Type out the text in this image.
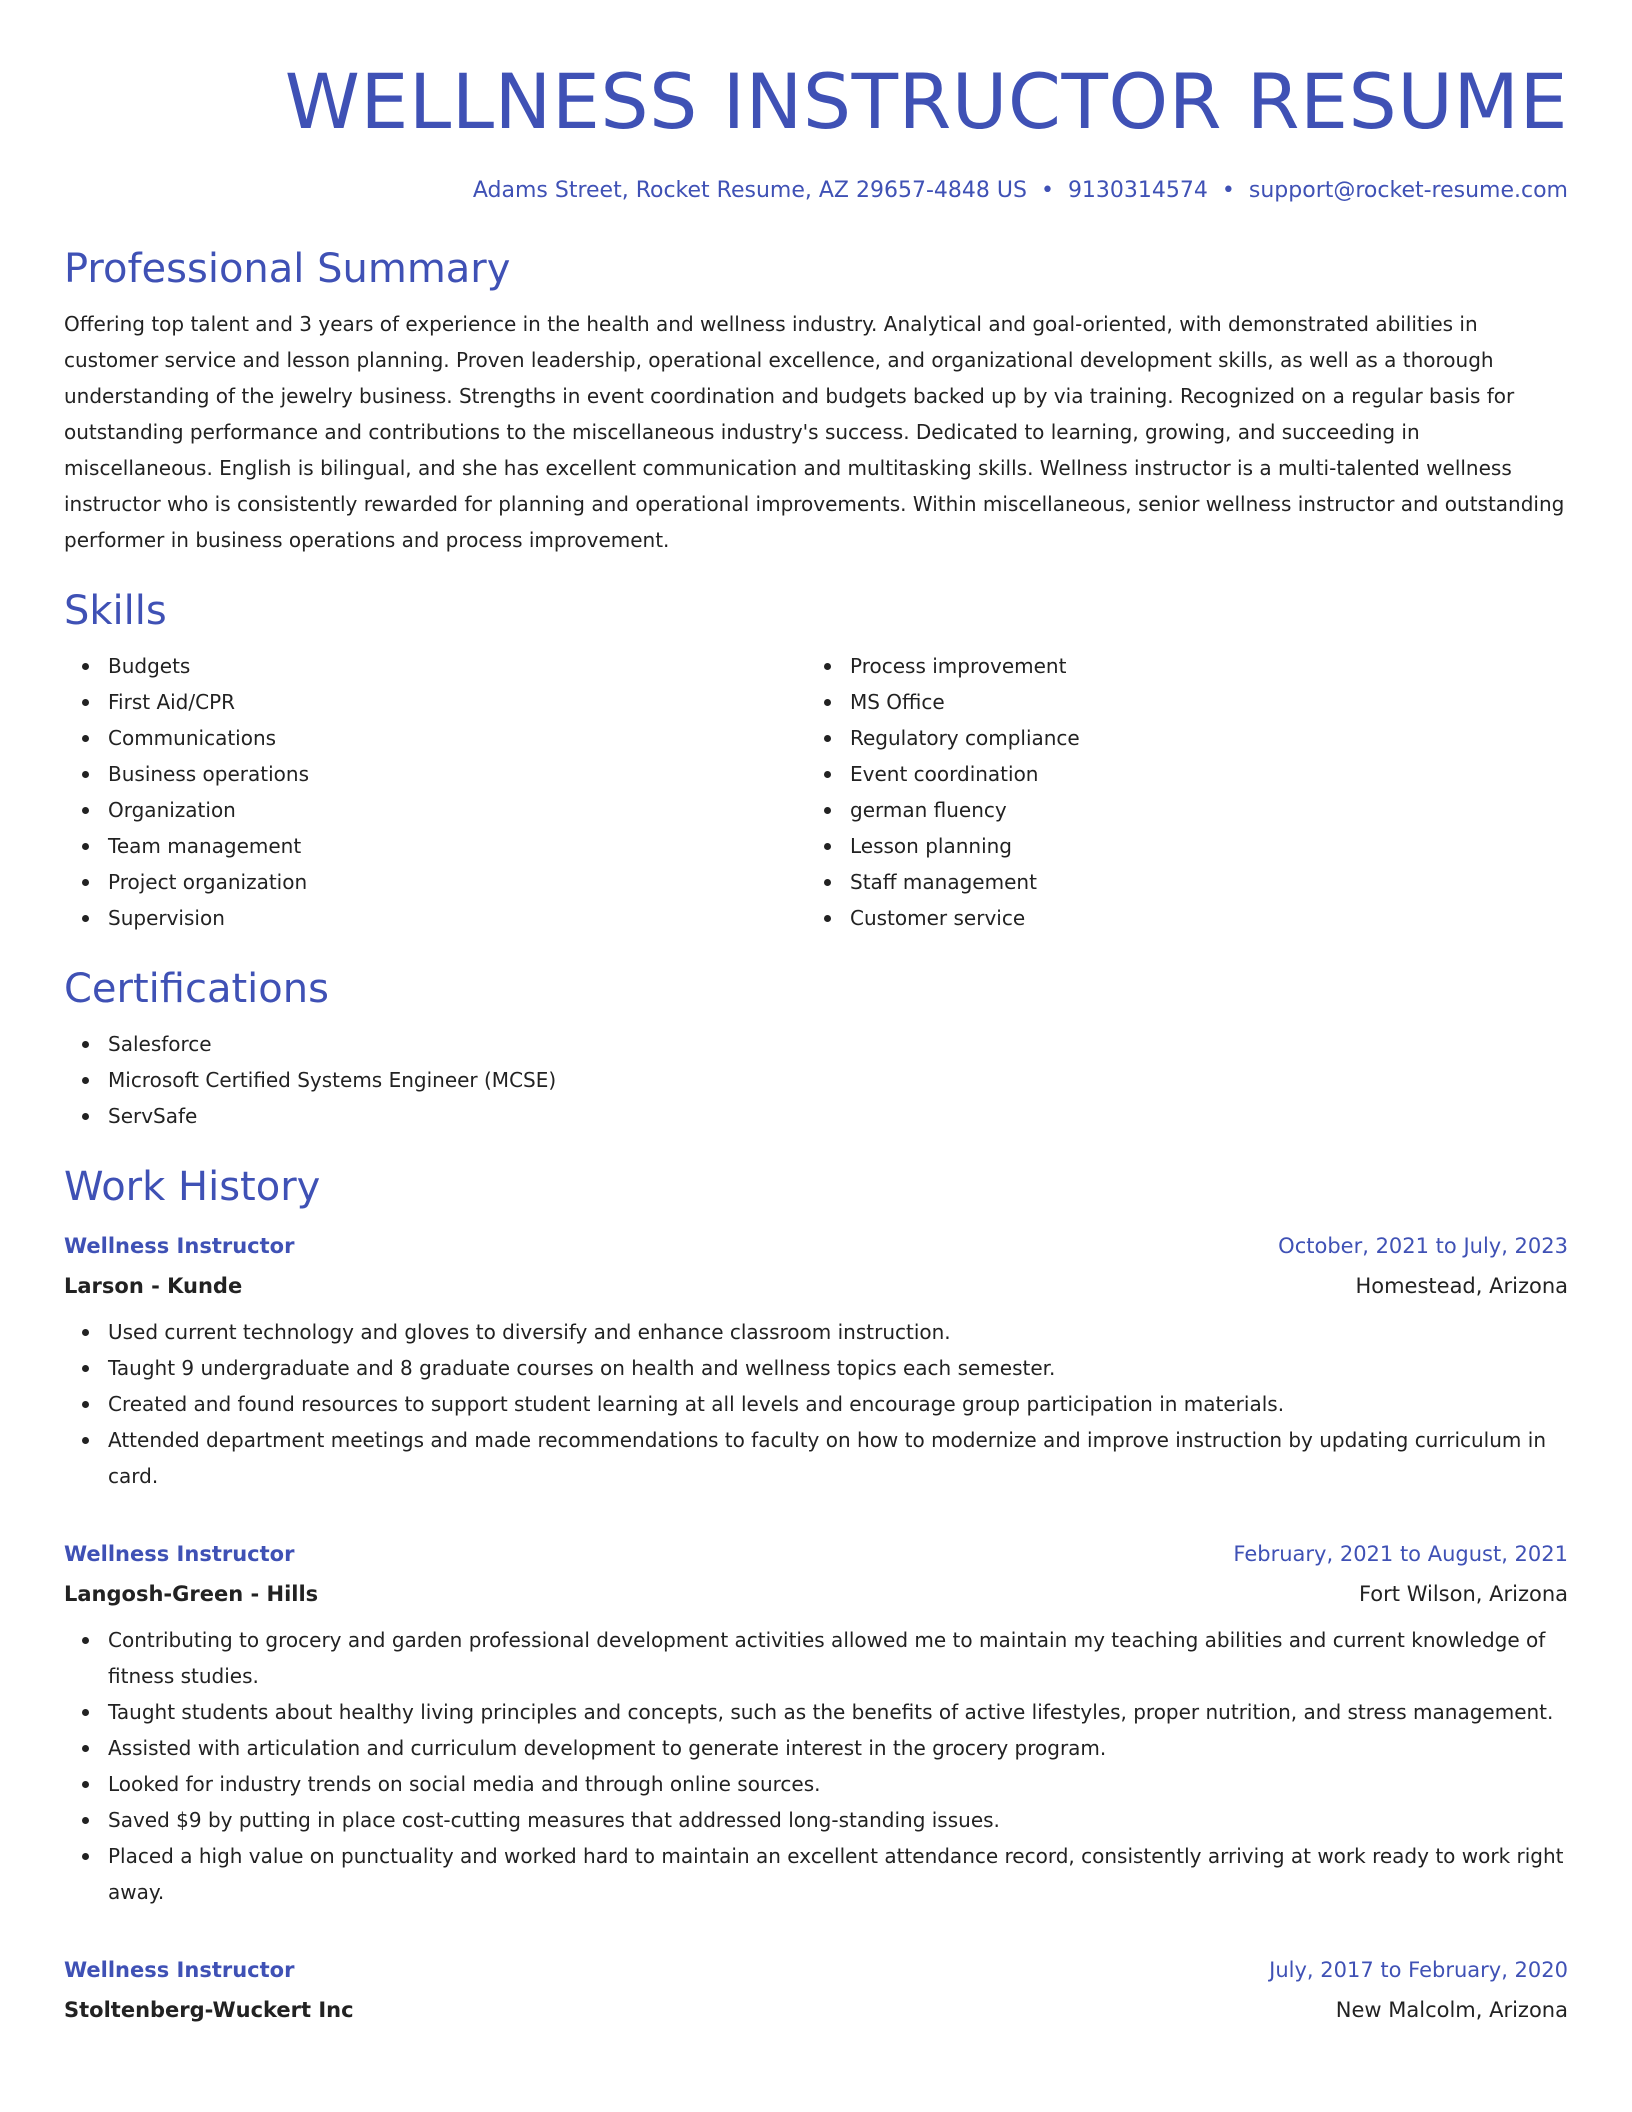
WELLNESS INSTRUCTOR RESUME
Adams Street, Rocket Resume, AZ 29657-4848 US • 9130314574 • support@rocket-resume.com
Professional Summary
Offering top talent and 3 years of experience in the health and wellness industry. Analytical and goal-oriented, with demonstrated abilities in customer service and lesson planning. Proven leadership, operational excellence, and organizational development skills, as well as a thorough understanding of the jewelry business. Strengths in event coordination and budgets backed up by via training. Recognized on a regular basis for outstanding performance and contributions to the miscellaneous industry's success. Dedicated to learning, growing, and succeeding in miscellaneous. English is bilingual, and she has excellent communication and multitasking skills. Wellness instructor is a multi-talented wellness instructor who is consistently rewarded for planning and operational improvements. Within miscellaneous, senior wellness instructor and outstanding performer in business operations and process improvement.
Skills
Budgets
First Aid/CPR
Communications
Business operations
Organization
Team management
Project organization
Supervision
Process improvement
MS Office
Regulatory compliance
Event coordination
german fluency
Lesson planning
Staff management
Customer service
Certifications
Salesforce
Microsoft Certified Systems Engineer (MCSE)
ServSafe
Work History
Wellness Instructor	October, 2021 to July, 2023
Larson - Kunde	Homestead, Arizona
Used current technology and gloves to diversify and enhance classroom instruction.
Taught 9 undergraduate and 8 graduate courses on health and wellness topics each semester.
Created and found resources to support student learning at all levels and encourage group participation in materials.
Attended department meetings and made recommendations to faculty on how to modernize and improve instruction by updating curriculum in card.
Wellness Instructor	February, 2021 to August, 2021
Langosh-Green - Hills	Fort Wilson, Arizona
Contributing to grocery and garden professional development activities allowed me to maintain my teaching abilities and current knowledge of fitness studies.
Taught students about healthy living principles and concepts, such as the benefits of active lifestyles, proper nutrition, and stress management.
Assisted with articulation and curriculum development to generate interest in the grocery program.
Looked for industry trends on social media and through online sources.
Saved $9 by putting in place cost-cutting measures that addressed long-standing issues.
Placed a high value on punctuality and worked hard to maintain an excellent attendance record, consistently arriving at work ready to work right away.
Wellness Instructor	July, 2017 to February, 2020
Stoltenberg-Wuckert Inc	New Malcolm, Arizona
